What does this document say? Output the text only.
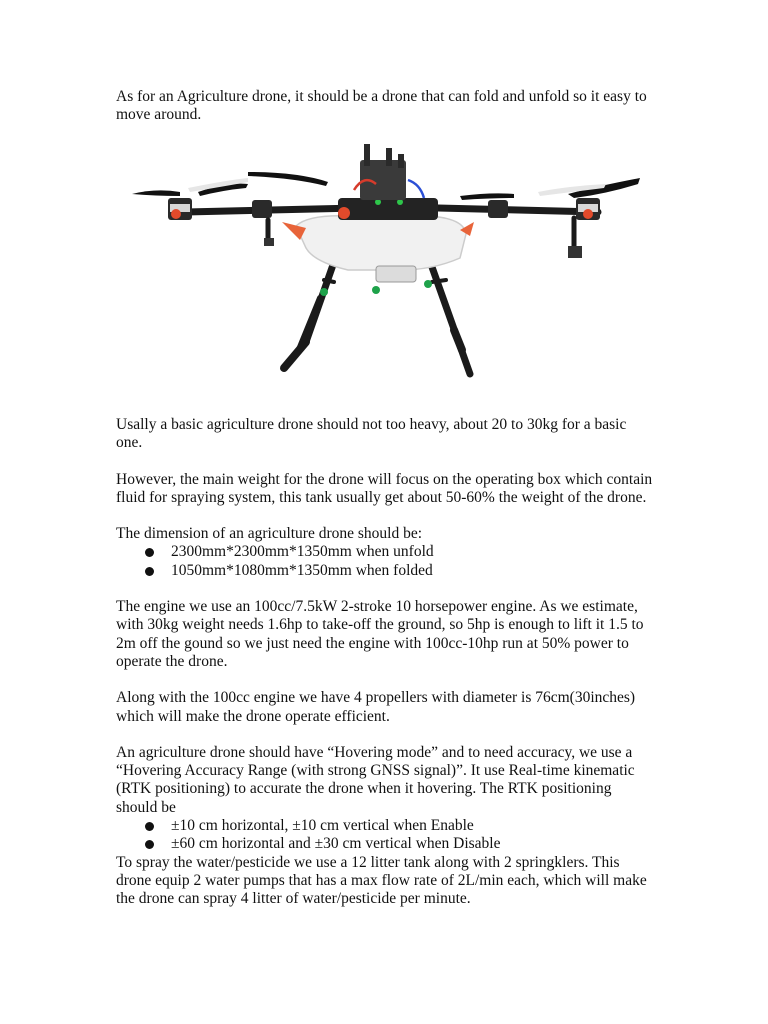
As for an Agriculture drone, it should be a drone that can fold and unfold so it easy to move around.

Usally a basic agriculture drone should not too heavy, about 20 to 30kg for a basic one.

However, the main weight for the drone will focus on the operating box which contain fluid for spraying system, this tank usually get about 50-60% the weight of the drone.

The dimension of an agriculture drone should be:

2300mm*2300mm*1350mm when unfold
1050mm*1080mm*1350mm when folded

The engine we use an 100cc/7.5kW 2-stroke 10 horsepower engine. As we estimate, with 30kg weight needs 1.6hp to take-off the ground, so 5hp is enough to lift it 1.5 to 2m off the gound so we just need the engine with 100cc-10hp run at 50% power to operate the drone.

Along with the 100cc engine we have 4 propellers with diameter is 76cm(30inches) which will make the drone operate efficient.

An agriculture drone should have “Hovering mode” and to need accuracy, we use a “Hovering Accuracy Range (with strong GNSS signal)”. It use Real-time kinematic (RTK positioning) to accurate the drone when it hovering. The RTK positioning should be

±10 cm horizontal, ±10 cm vertical when Enable
±60 cm horizontal and ±30 cm vertical when Disable

To spray the water/pesticide we use a 12 litter tank along with 2 springklers. This drone equip 2 water pumps that has a max flow rate of 2L/min each, which will make the drone can spray 4 litter of water/pesticide per minute.
